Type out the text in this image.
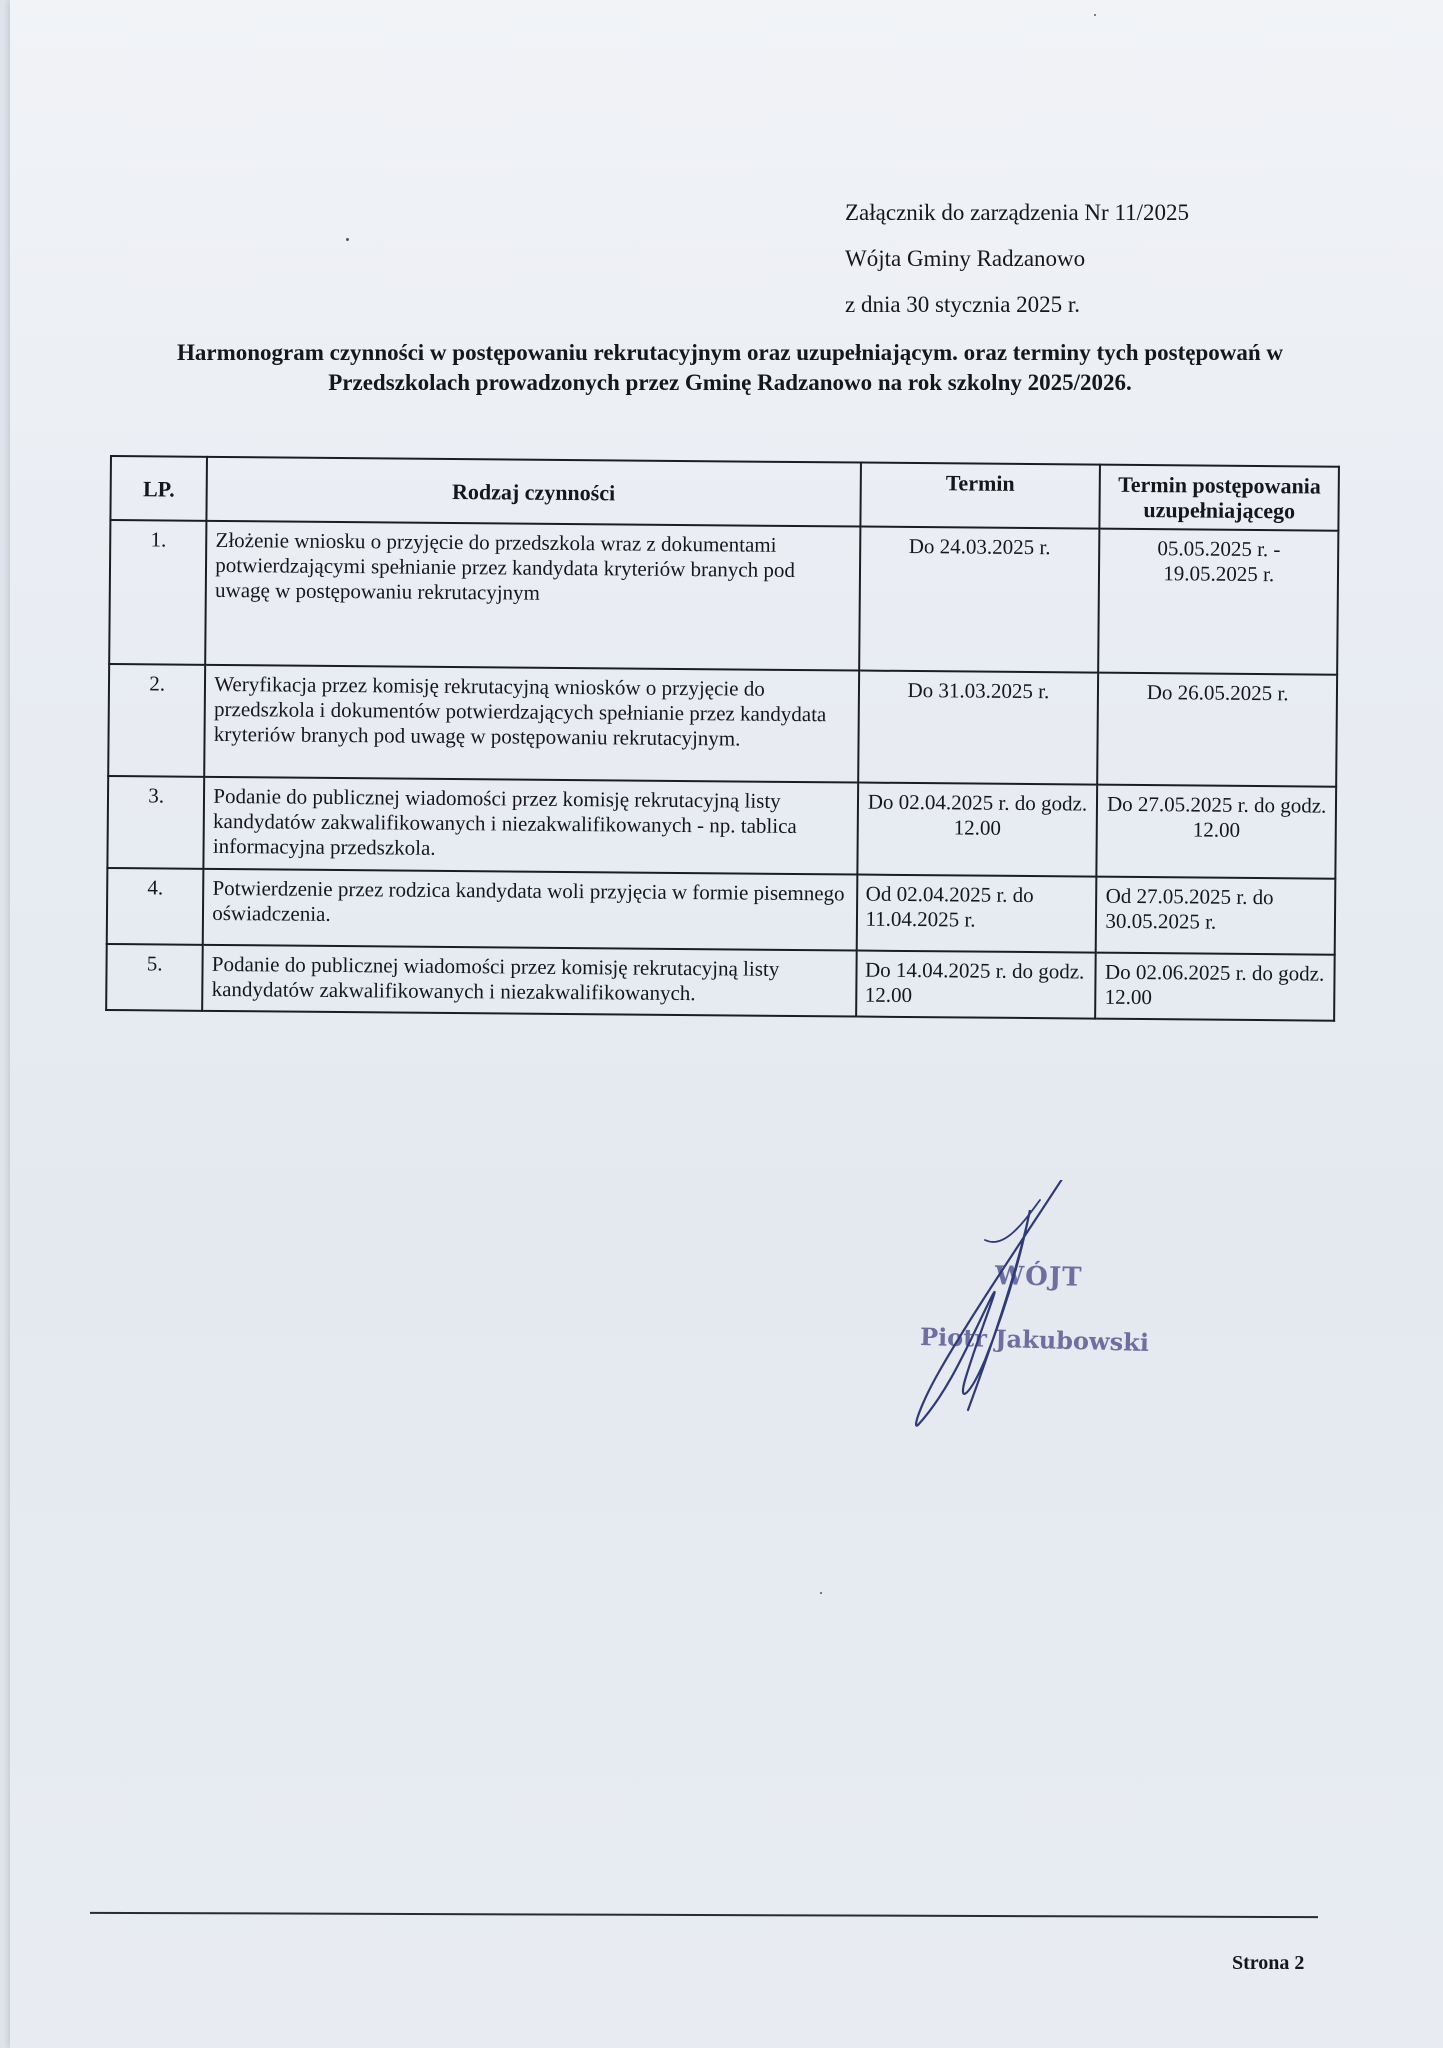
Załącznik do zarządzenia Nr 11/2025
Wójta Gminy Radzanowo
z dnia 30 stycznia 2025 r.
Harmonogram czynności w postępowaniu rekrutacyjnym oraz uzupełniającym. oraz terminy tych postępowań w Przedszkolach prowadzonych przez Gminę Radzanowo na rok szkolny 2025/2026.
LP.	Rodzaj czynności	Termin	Termin postępowania uzupełniającego
1.	Złożenie wniosku o przyjęcie do przedszkola wraz z dokumentami potwierdzającymi spełnianie przez kandydata kryteriów branych pod uwagę w postępowaniu rekrutacyjnym	Do 24.03.2025 r.	05.05.2025 r. - 19.05.2025 r.
2.	Weryfikacja przez komisję rekrutacyjną wniosków o przyjęcie do przedszkola i dokumentów potwierdzających spełnianie przez kandydata kryteriów branych pod uwagę w postępowaniu rekrutacyjnym.	Do 31.03.2025 r.	Do 26.05.2025 r.
3.	Podanie do publicznej wiadomości przez komisję rekrutacyjną listy kandydatów zakwalifikowanych i niezakwalifikowanych - np. tablica informacyjna przedszkola.	Do 02.04.2025 r. do godz. 12.00	Do 27.05.2025 r. do godz. 12.00
4.	Potwierdzenie przez rodzica kandydata woli przyjęcia w formie pisemnego oświadczenia.	Od 02.04.2025 r. do 11.04.2025 r.	Od 27.05.2025 r. do 30.05.2025 r.
5.	Podanie do publicznej wiadomości przez komisję rekrutacyjną listy kandydatów zakwalifikowanych i niezakwalifikowanych.	Do 14.04.2025 r. do godz. 12.00	Do 02.06.2025 r. do godz. 12.00
WÓJT
Piotr Jakubowski
Strona 2
